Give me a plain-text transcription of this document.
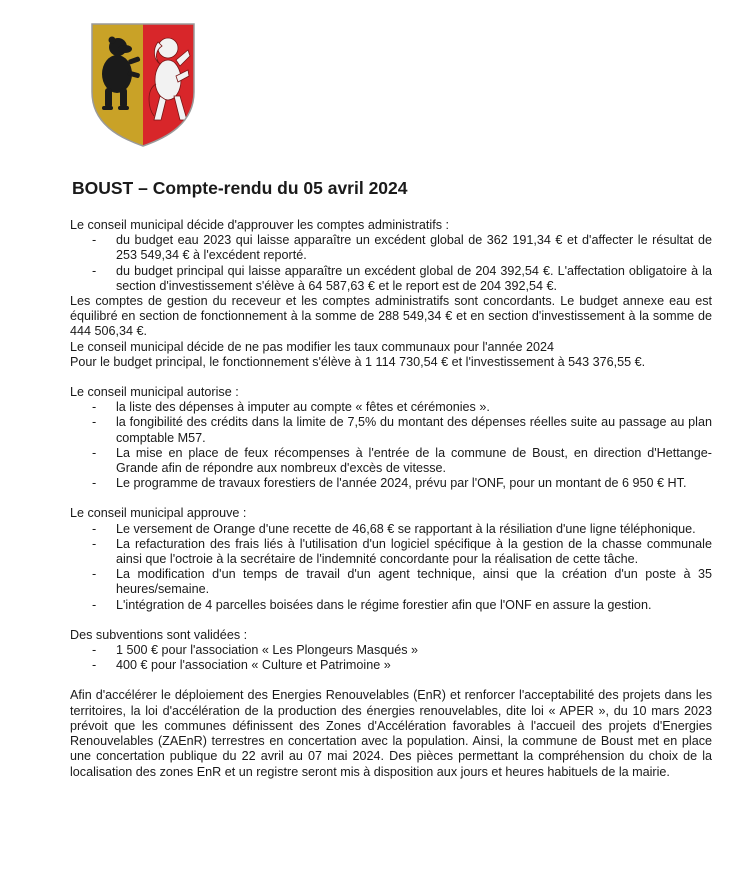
BOUST – Compte-rendu du 05 avril 2024

Le conseil municipal décide d'approuver les comptes administratifs :

- du budget eau 2023 qui laisse apparaître un excédent global de 362 191,34 € et d'affecter le résultat de 253 549,34 € à l'excédent reporté.
- du budget principal qui laisse apparaître un excédent global de 204 392,54 €. L'affectation obligatoire à la section d'investissement s'élève à 64 587,63 € et le report est de 204 392,54 €.

Les comptes de gestion du receveur et les comptes administratifs sont concordants. Le budget annexe eau est équilibré en section de fonctionnement à la somme de 288 549,34 € et en section d'investissement à la somme de 444 506,34 €.

Le conseil municipal décide de ne pas modifier les taux communaux pour l'année 2024

Pour le budget principal, le fonctionnement s'élève à 1 114 730,54 € et l'investissement à 543 376,55 €.

Le conseil municipal autorise :

- la liste des dépenses à imputer au compte « fêtes et cérémonies ».
- la fongibilité des crédits dans la limite de 7,5% du montant des dépenses réelles suite au passage au plan comptable M57.
- La mise en place de feux récompenses à l'entrée de la commune de Boust, en direction d'Hettange-Grande afin de répondre aux nombreux d'excès de vitesse.
- Le programme de travaux forestiers de l'année 2024, prévu par l'ONF, pour un montant de 6 950 € HT.

Le conseil municipal approuve :

- Le versement de Orange d'une recette de 46,68 € se rapportant à la résiliation d'une ligne téléphonique.
- La refacturation des frais liés à l'utilisation d'un logiciel spécifique à la gestion de la chasse communale ainsi que l'octroie à la secrétaire de l'indemnité concordante pour la réalisation de cette tâche.
- La modification d'un temps de travail d'un agent technique, ainsi que la création d'un poste à 35 heures/semaine.
- L'intégration de 4 parcelles boisées dans le régime forestier afin que l'ONF en assure la gestion.

Des subventions sont validées :

- 1 500 € pour l'association « Les Plongeurs Masqués »
- 400 € pour l'association « Culture et Patrimoine »

Afin d'accélérer le déploiement des Energies Renouvelables (EnR) et renforcer l'acceptabilité des projets dans les territoires, la loi d'accélération de la production des énergies renouvelables, dite loi « APER », du 10 mars 2023 prévoit que les communes définissent des Zones d'Accélération favorables à l'accueil des projets d'Energies Renouvelables (ZAEnR) terrestres en concertation avec la population. Ainsi, la commune de Boust met en place une concertation publique du 22 avril au 07 mai 2024. Des pièces permettant la compréhension du choix de la localisation des zones EnR et un registre seront mis à disposition aux jours et heures habituels de la mairie.
